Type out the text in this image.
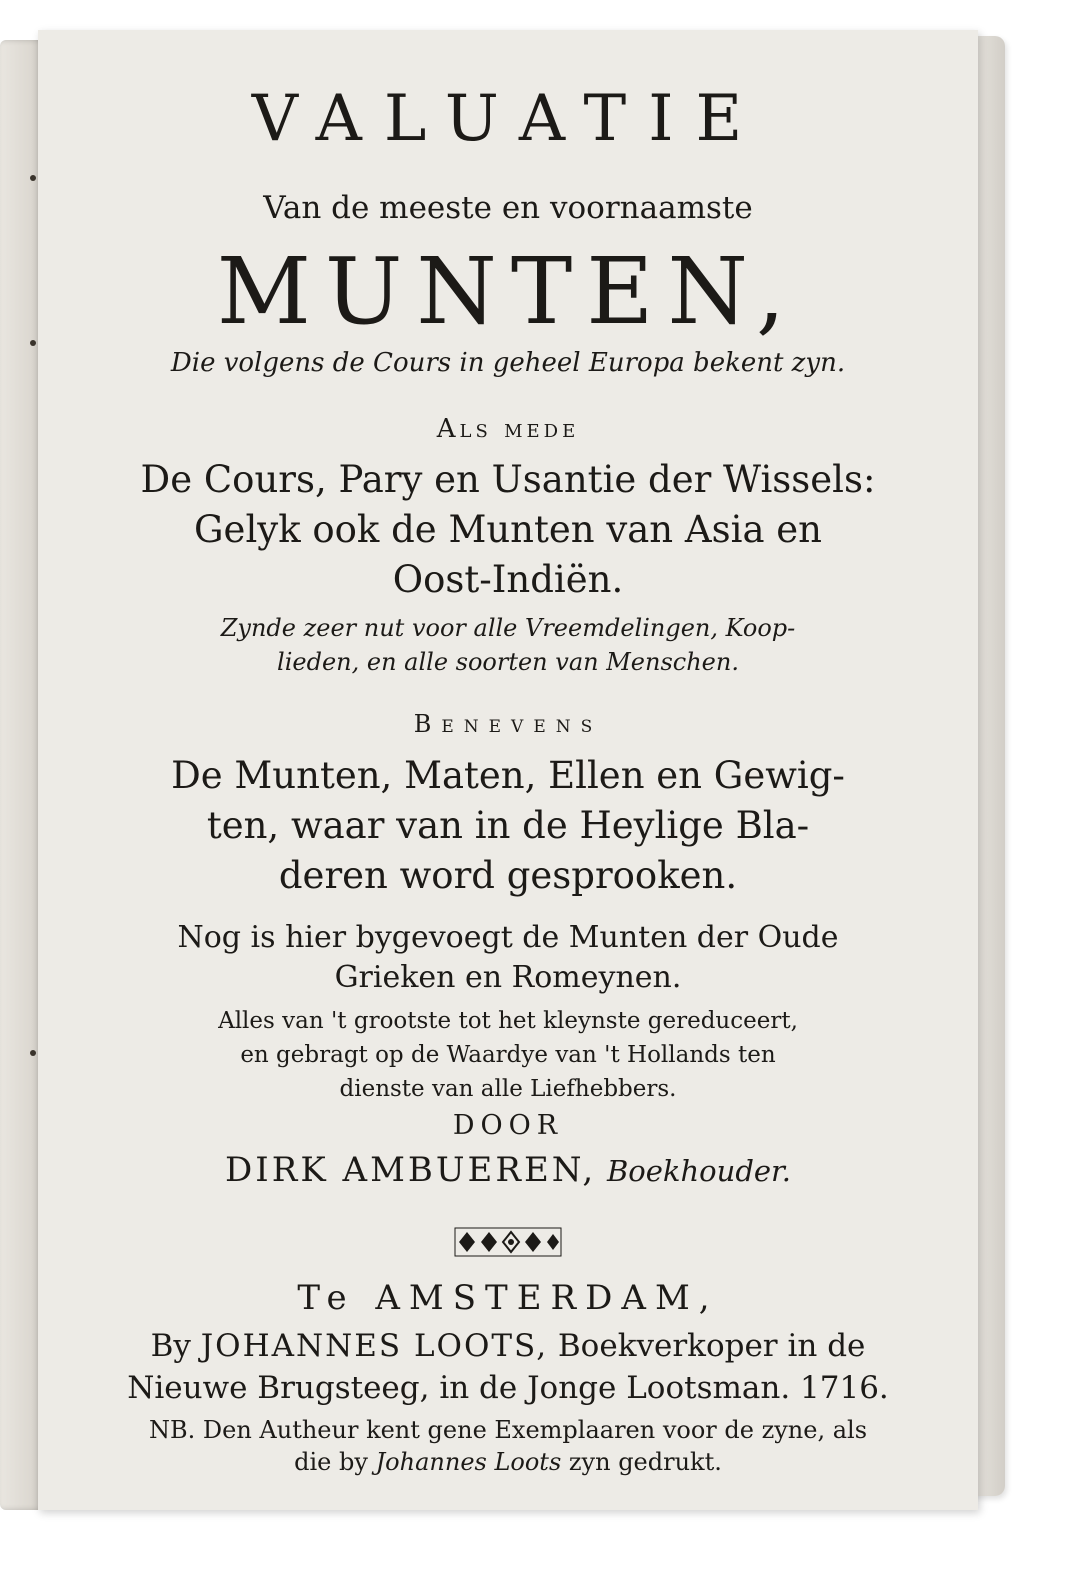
VALUATIE
Van de meeste en voornaamste
MUNTEN,
Die volgens de Cours in geheel Europa bekent zyn.
Als mede
De Cours, Pary en Usantie der Wissels:
Gelyk ook de Munten van Asia en
Oost-Indiën.
Zynde zeer nut voor alle Vreemdelingen, Koop-
lieden, en alle soorten van Menschen.
Benevens
De Munten, Maten, Ellen en Gewig-
ten, waar van in de Heylige Bla-
deren word gesprooken.
Nog is hier bygevoegt de Munten der Oude
Grieken en Romeynen.
Alles van 't grootste tot het kleynste gereduceert,
en gebragt op de Waardye van 't Hollands ten
dienste van alle Liefhebbers.
DOOR
DIRK AMBUEREN, Boekhouder.
Te AMSTERDAM,
By JOHANNES LOOTS, Boekverkoper in de
Nieuwe Brugsteeg, in de Jonge Lootsman. 1716.
NB. Den Autheur kent gene Exemplaaren voor de zyne, als
die by Johannes Loots zyn gedrukt.
